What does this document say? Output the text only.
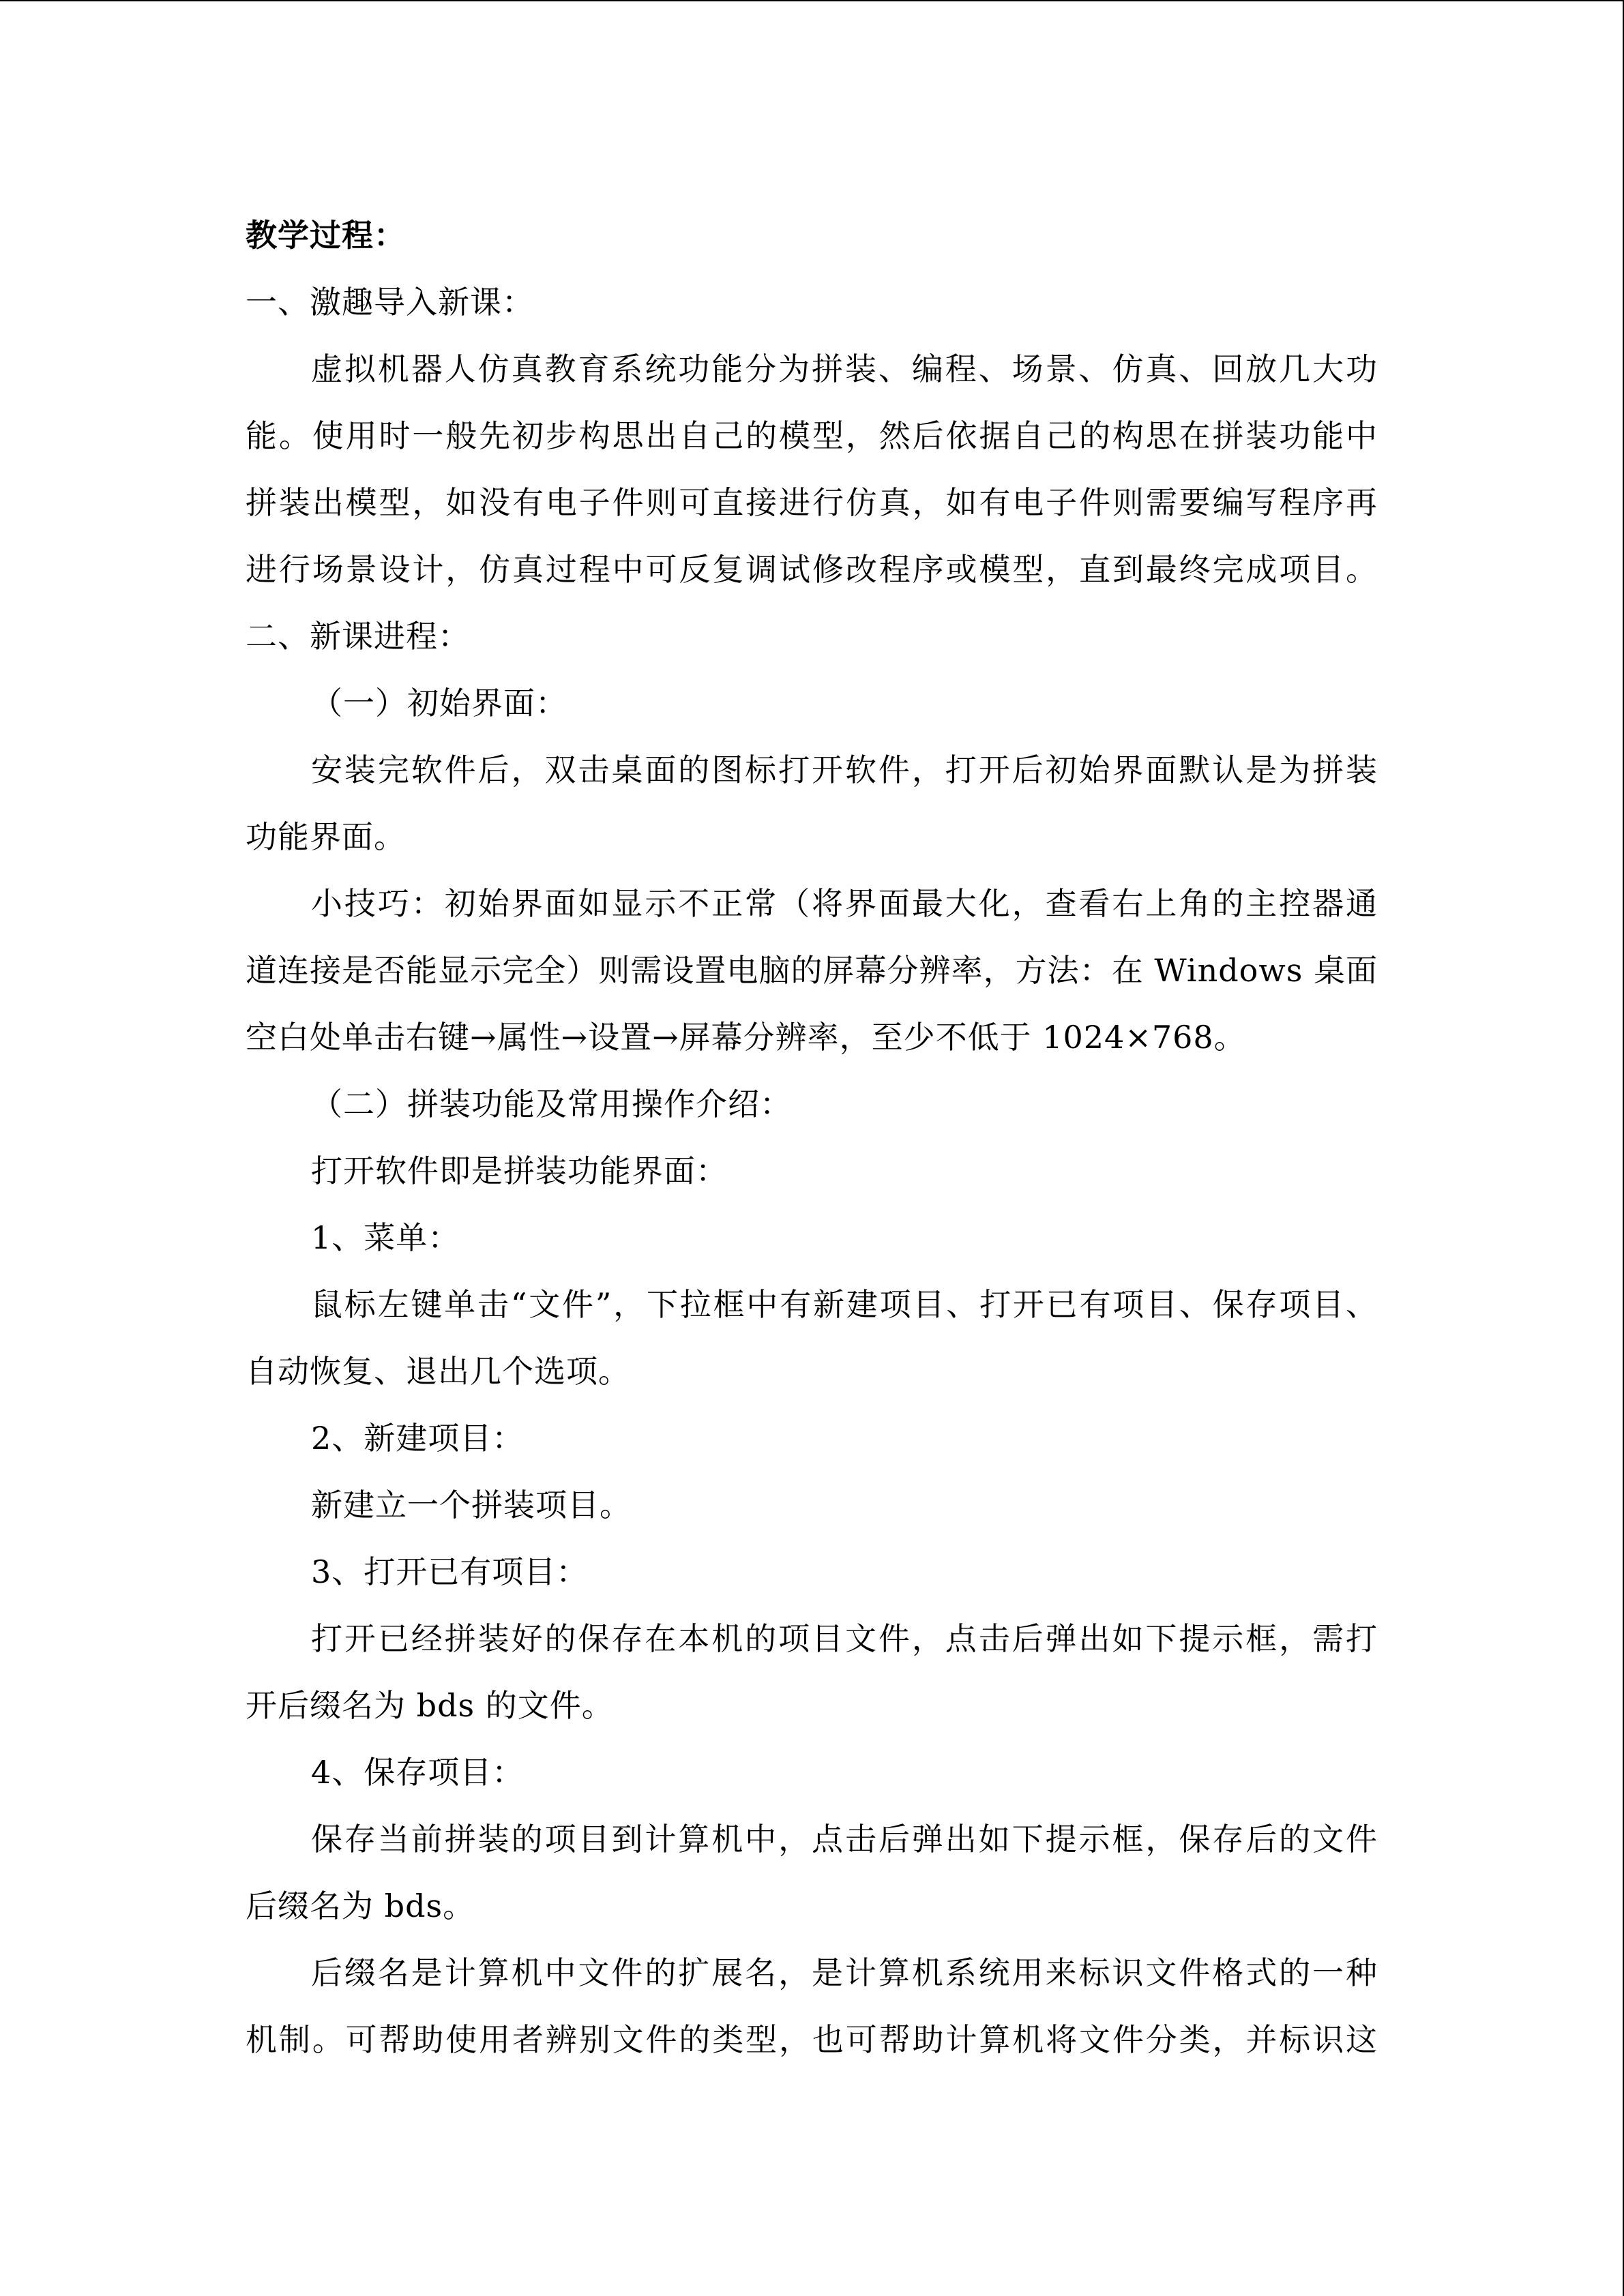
教学过程：
一、激趣导入新课：
虚拟机器人仿真教育系统功能分为拼装、编程、场景、仿真、回放几大功
能。使用时一般先初步构思出自己的模型，然后依据自己的构思在拼装功能中
拼装出模型，如没有电子件则可直接进行仿真，如有电子件则需要编写程序再
进行场景设计，仿真过程中可反复调试修改程序或模型，直到最终完成项目。
二、新课进程：
（一）初始界面：
安装完软件后，双击桌面的图标打开软件，打开后初始界面默认是为拼装
功能界面。
小技巧：初始界面如显示不正常（将界面最大化，查看右上角的主控器通
道连接是否能显示完全）则需设置电脑的屏幕分辨率，方法：在 Windows 桌面
空白处单击右键→属性→设置→屏幕分辨率，至少不低于 1024×768。
（二）拼装功能及常用操作介绍：
打开软件即是拼装功能界面：
1、菜单：
鼠标左键单击“文件”，下拉框中有新建项目、打开已有项目、保存项目、
自动恢复、退出几个选项。
2、新建项目：
新建立一个拼装项目。
3、打开已有项目：
打开已经拼装好的保存在本机的项目文件，点击后弹出如下提示框，需打
开后缀名为 bds 的文件。
4、保存项目：
保存当前拼装的项目到计算机中，点击后弹出如下提示框，保存后的文件
后缀名为 bds。
后缀名是计算机中文件的扩展名，是计算机系统用来标识文件格式的一种
机制。可帮助使用者辨别文件的类型，也可帮助计算机将文件分类，并标识这
